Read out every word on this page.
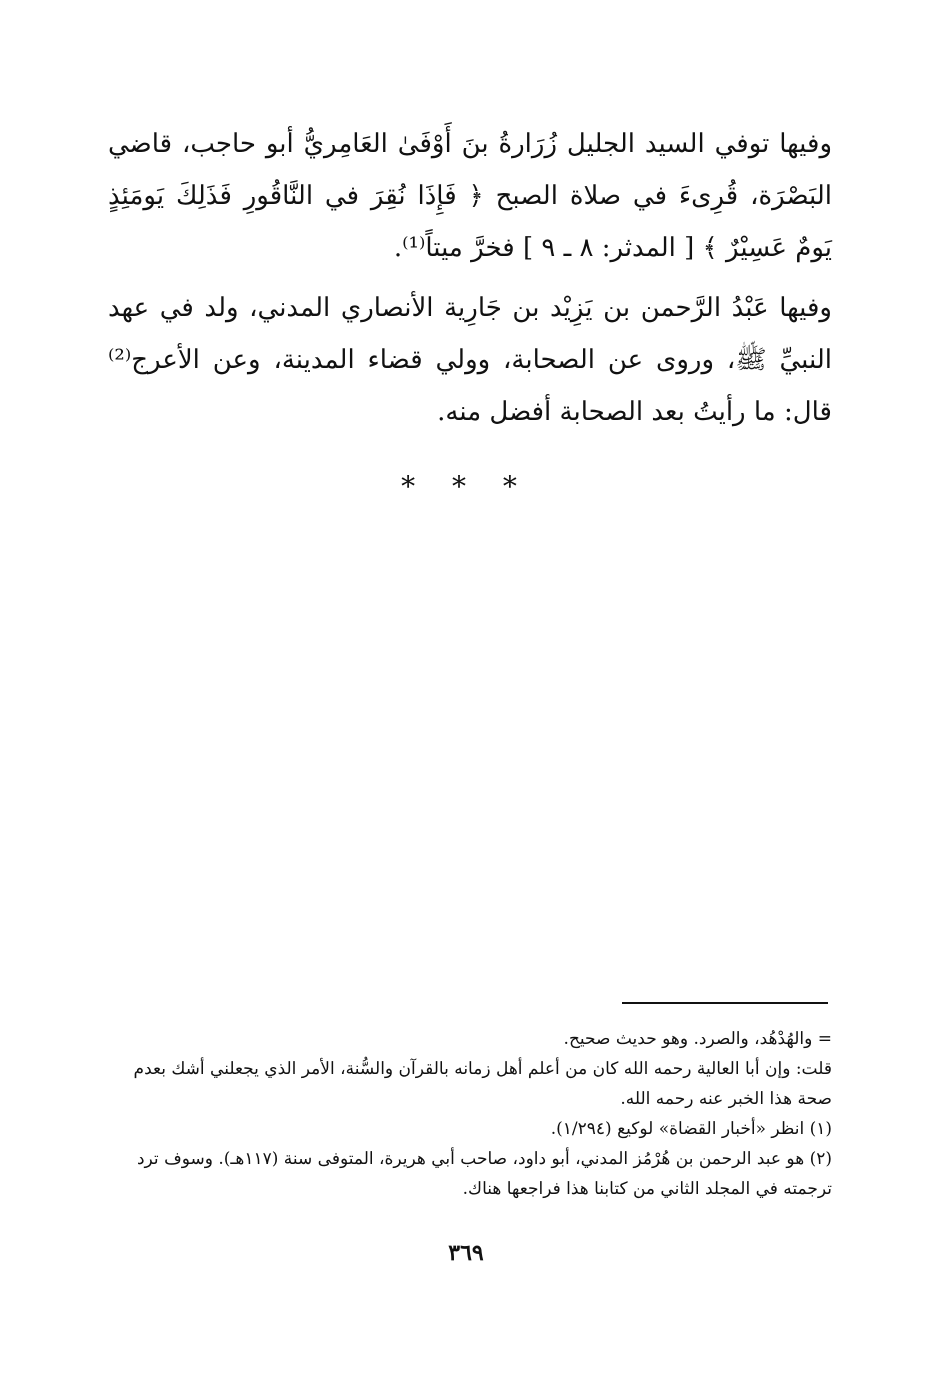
وفيها توفي السيد الجليل زُرَارةُ بنَ أَوْفَىٰ العَامِريُّ أبو حاجب، قاضي البَصْرَة، قُرِىءَ في صلاة الصبح ﴿ فَإِذَا نُقِرَ في النَّاقُورِ فَذَلِكَ يَومَئِذٍ يَومٌ عَسِيْرٌ ﴾ [ المدثر: ٨ ـ ٩ ] فخرَّ ميتاً⁽¹⁾.

وفيها عَبْدُ الرَّحمن بن يَزِيْد بن جَارِية الأنصاري المدني، ولد في عهد النبيِّ ﷺ، وروى عن الصحابة، وولي قضاء المدينة، وعن الأعرج⁽²⁾ قال: ما رأيتُ بعد الصحابة أفضل منه.

* * *

= والهُدْهُد، والصرد. وهو حديث صحيح.

قلت: وإن أبا العالية رحمه الله كان من أعلم أهل زمانه بالقرآن والسُّنة، الأمر الذي يجعلني أشك بعدم صحة هذا الخبر عنه رحمه الله.

(١) انظر «أخبار القضاة» لوكيع (١/٢٩٤).

(٢) هو عبد الرحمن بن هُرْمُز المدني، أبو داود، صاحب أبي هريرة، المتوفى سنة (١١٧هـ). وسوف ترد ترجمته في المجلد الثاني من كتابنا هذا فراجعها هناك.

٣٦٩
